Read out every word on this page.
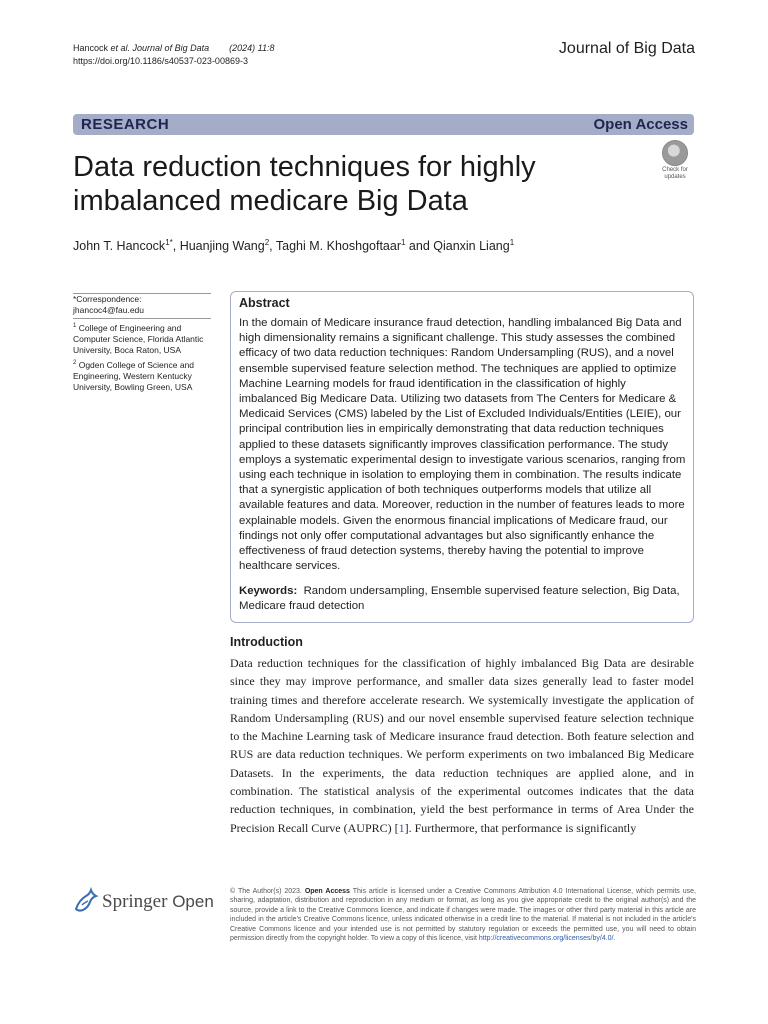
Hancock et al. Journal of Big Data (2024) 11:8
https://doi.org/10.1186/s40537-023-00869-3
Journal of Big Data
RESEARCH	Open Access
Data reduction techniques for highly imbalanced medicare Big Data
Check for updates
John T. Hancock$^{1*}$, Huanjing Wang$^2$, Taghi M. Khoshgoftaar$^1$ and Qianxin Liang$^1$
*Correspondence:
jhancoc4@fau.edu
$^1$ College of Engineering and Computer Science, Florida Atlantic University, Boca Raton, USA
$^2$ Ogden College of Science and Engineering, Western Kentucky University, Bowling Green, USA
Abstract

In the domain of Medicare insurance fraud detection, handling imbalanced Big Data and high dimensionality remains a significant challenge. This study assesses the combined efficacy of two data reduction techniques: Random Undersampling (RUS), and a novel ensemble supervised feature selection method. The techniques are applied to optimize Machine Learning models for fraud identification in the classification of highly imbalanced Big Medicare Data. Utilizing two datasets from The Centers for Medicare & Medicaid Services (CMS) labeled by the List of Excluded Individuals/Entities (LEIE), our principal contribution lies in empirically demonstrating that data reduction techniques applied to these datasets significantly improves classification performance. The study employs a systematic experimental design to investigate various scenarios, ranging from using each technique in isolation to employing them in combination. The results indicate that a synergistic application of both techniques outperforms models that utilize all available features and data. Moreover, reduction in the number of features leads to more explainable models. Given the enormous financial implications of Medicare fraud, our findings not only offer computational advantages but also significantly enhance the effectiveness of fraud detection systems, thereby having the potential to improve healthcare services.

Keywords: Random undersampling, Ensemble supervised feature selection, Big Data, Medicare fraud detection
Introduction

Data reduction techniques for the classification of highly imbalanced Big Data are desirable since they may improve performance, and smaller data sizes generally lead to faster model training times and therefore accelerate research. We systemically investigate the application of Random Undersampling (RUS) and our novel ensemble supervised feature selection technique to the Machine Learning task of Medicare insurance fraud detection. Both feature selection and RUS are data reduction techniques. We perform experiments on two imbalanced Big Medicare Datasets. In the experiments, the data reduction techniques are applied alone, and in combination. The statistical analysis of the experimental outcomes indicates that the data reduction techniques, in combination, yield the best performance in terms of Area Under the Precision Recall Curve (AUPRC) [1]. Furthermore, that performance is significantly

Springer Open

© The Author(s) 2023. Open Access This article is licensed under a Creative Commons Attribution 4.0 International License, which permits use, sharing, adaptation, distribution and reproduction in any medium or format, as long as you give appropriate credit to the original author(s) and the source, provide a link to the Creative Commons licence, and indicate if changes were made. The images or other third party material in this article are included in the article's Creative Commons licence, unless indicated otherwise in a credit line to the material. If material is not included in the article's Creative Commons licence and your intended use is not permitted by statutory regulation or exceeds the permitted use, you will need to obtain permission directly from the copyright holder. To view a copy of this licence, visit http://creativecommons.org/licenses/by/4.0/.
